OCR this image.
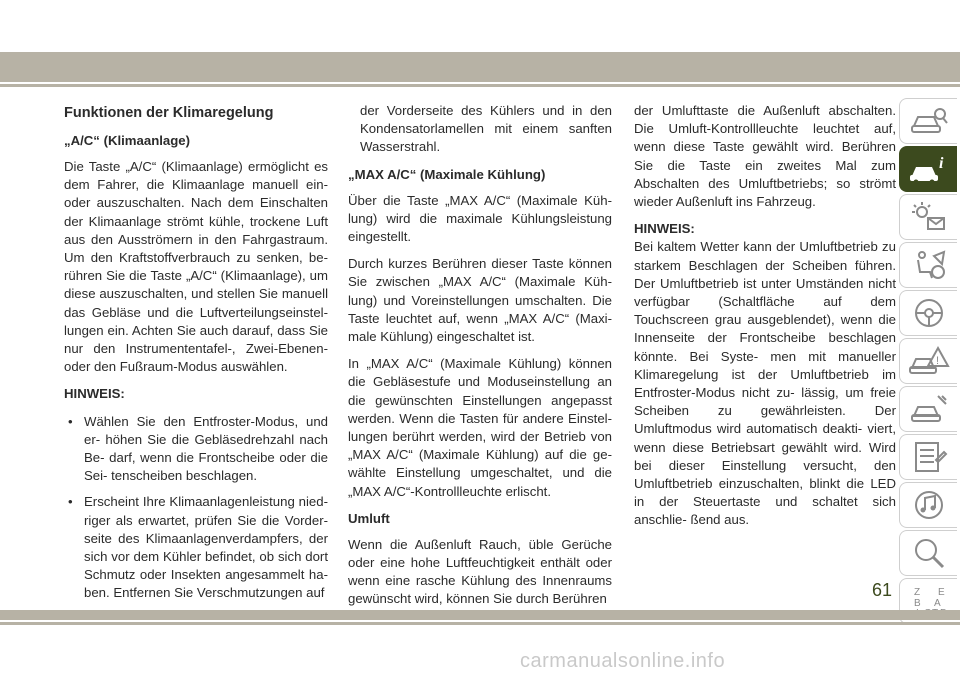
Funktionen der Klimaregelung
„A/C“ (Klimaanlage)

Die Taste „A/C“ (Klimaanlage) ermöglicht es dem Fahrer, die Klimaanlage manuell ein- oder auszuschalten. Nach dem Einschalten der Klimaanlage strömt kühle, trockene Luft aus den Ausströmern in den Fahrgastraum. Um den Kraftstoffverbrauch zu senken, be- rühren Sie die Taste „A/C“ (Klimaanlage), um diese auszuschalten, und stellen Sie manuell das Gebläse und die Luftverteilungseinstel- lungen ein. Achten Sie auch darauf, dass Sie nur den Instrumententafel-, Zwei-Ebenen- oder den Fußraum-Modus auswählen.

HINWEIS:

• Wählen Sie den Entfroster-Modus, und er- höhen Sie die Gebläsedrehzahl nach Be- darf, wenn die Frontscheibe oder die Sei- tenscheiben beschlagen.
• Erscheint Ihre Klimaanlagenleistung nied- riger als erwartet, prüfen Sie die Vorder- seite des Klimaanlagenverdampfers, der sich vor dem Kühler befindet, ob sich dort Schmutz oder Insekten angesammelt ha- ben. Entfernen Sie Verschmutzungen auf

der Vorderseite des Kühlers und in den Kondensatorlamellen mit einem sanften Wasserstrahl.

„MAX A/C“ (Maximale Kühlung)

Über die Taste „MAX A/C“ (Maximale Küh- lung) wird die maximale Kühlungsleistung eingestellt.

Durch kurzes Berühren dieser Taste können Sie zwischen „MAX A/C“ (Maximale Küh- lung) und Voreinstellungen umschalten. Die Taste leuchtet auf, wenn „MAX A/C“ (Maxi- male Kühlung) eingeschaltet ist.

In „MAX A/C“ (Maximale Kühlung) können die Gebläsestufe und Moduseinstellung an die gewünschten Einstellungen angepasst werden. Wenn die Tasten für andere Einstel- lungen berührt werden, wird der Betrieb von „MAX A/C“ (Maximale Kühlung) auf die ge- wählte Einstellung umgeschaltet, und die „MAX A/C“-Kontrollleuchte erlischt.

Umluft

Wenn die Außenluft Rauch, üble Gerüche oder eine hohe Luftfeuchtigkeit enthält oder wenn eine rasche Kühlung des Innenraums gewünscht wird, können Sie durch Berühren

der Umlufttaste die Außenluft abschalten. Die Umluft-Kontrollleuchte leuchtet auf, wenn diese Taste gewählt wird. Berühren Sie die Taste ein zweites Mal zum Abschalten des Umluftbetriebs; so strömt wieder Außenluft ins Fahrzeug.

HINWEIS:

Bei kaltem Wetter kann der Umluftbetrieb zu starkem Beschlagen der Scheiben führen. Der Umluftbetrieb ist unter Umständen nicht verfügbar (Schaltfläche auf dem Touchscreen grau ausgeblendet), wenn die Innenseite der Frontscheibe beschlagen könnte. Bei Syste- men mit manueller Klimaregelung ist der Umluftbetrieb im Entfroster-Modus nicht zu- lässig, um freie Scheiben zu gewährleisten. Der Umluftmodus wird automatisch deakti- viert, wenn diese Betriebsart gewählt wird. Wird bei dieser Einstellung versucht, den Umluftbetrieb einzuschalten, blinkt die LED in der Steuertaste und schaltet sich anschlie- ßend aus.

i
!
Z E
B A
61
carmanualsonline.info
